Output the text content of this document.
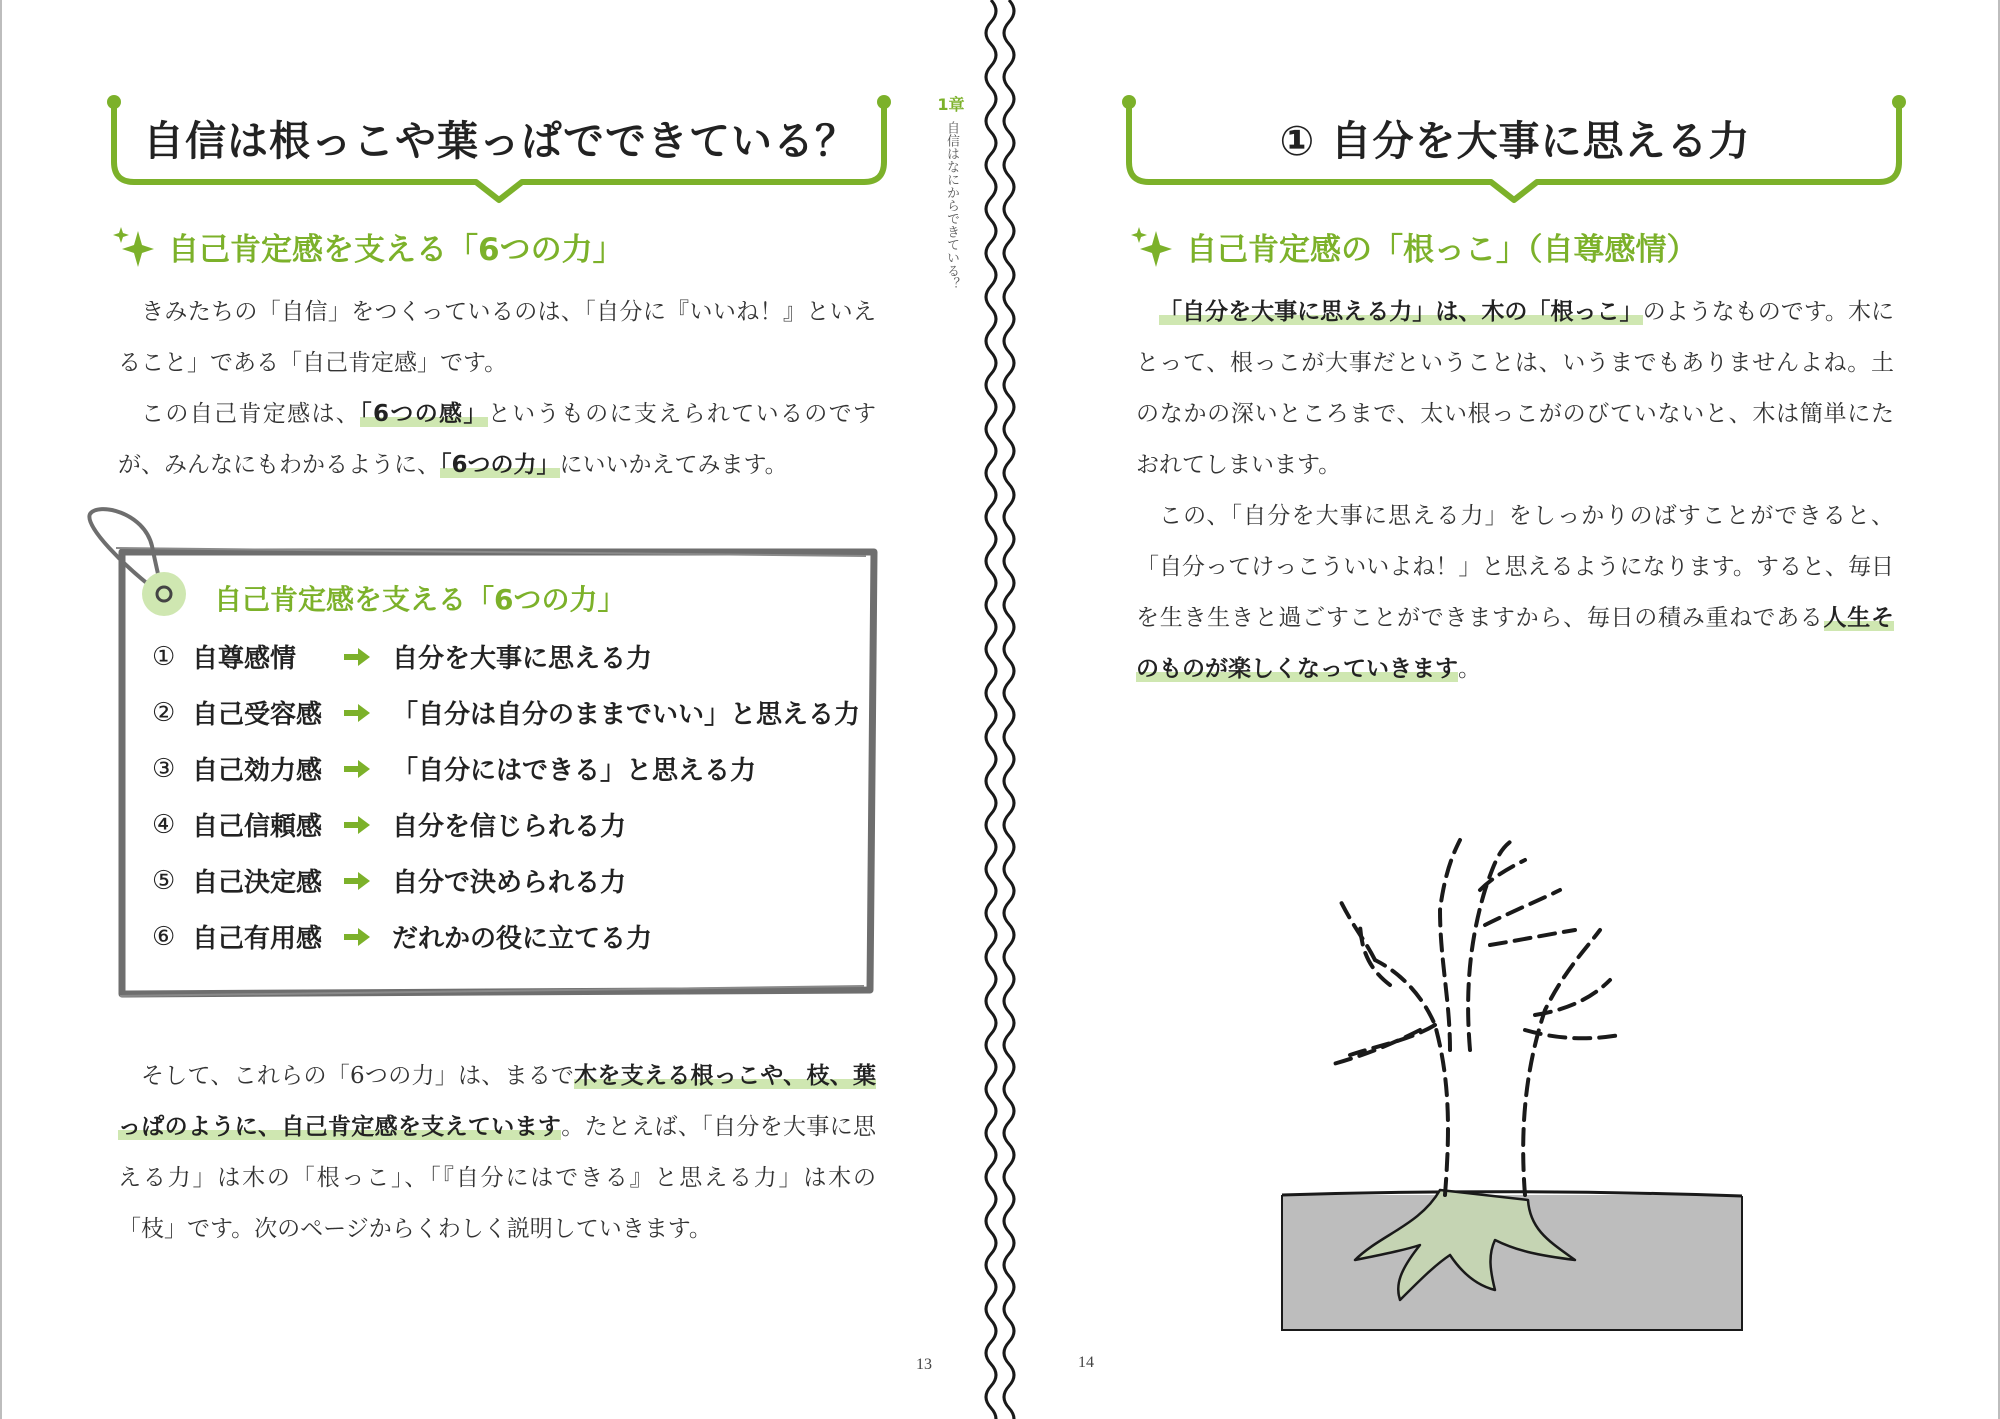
自信は根っこや葉っぱでできている？
自己肯定感を支える「6つの力」

きみたちの「自信」をつくっているのは、「自分に『いいね！』といえること」である「自己肯定感」です。

この自己肯定感は、「6つの感」というものに支えられているのですが、みんなにもわかるように、「6つの力」にいいかえてみます。

自己肯定感を支える「6つの力」
① 自尊感情	自分を大事に思える力
② 自己受容感	「自分は自分のままでいい」と思える力
③ 自己効力感	「自分にはできる」と思える力
④ 自己信頼感	自分を信じられる力
⑤ 自己決定感	自分で決められる力
⑥ 自己有用感	だれかの役に立てる力

そして、これらの「6つの力」は、まるで木を支える根っこや、枝、葉っぱのように、自己肯定感を支えています。たとえば、「自分を大事に思える力」は木の「根っこ」、「『自分にはできる』と思える力」は木の「枝」です。次のページからくわしく説明していきます。

1章
自信はなにからできている？
13
① 自分を大事に思える力
自己肯定感の「根っこ」（自尊感情）

「自分を大事に思える力」は、木の「根っこ」のようなものです。木にとって、根っこが大事だということは、いうまでもありませんよね。土のなかの深いところまで、太い根っこがのびていないと、木は簡単にたおれてしまいます。

この、「自分を大事に思える力」をしっかりのばすことができると、「自分ってけっこういいよね！」と思えるようになります。すると、毎日を生き生きと過ごすことができますから、毎日の積み重ねである人生そのものが楽しくなっていきます。

14
